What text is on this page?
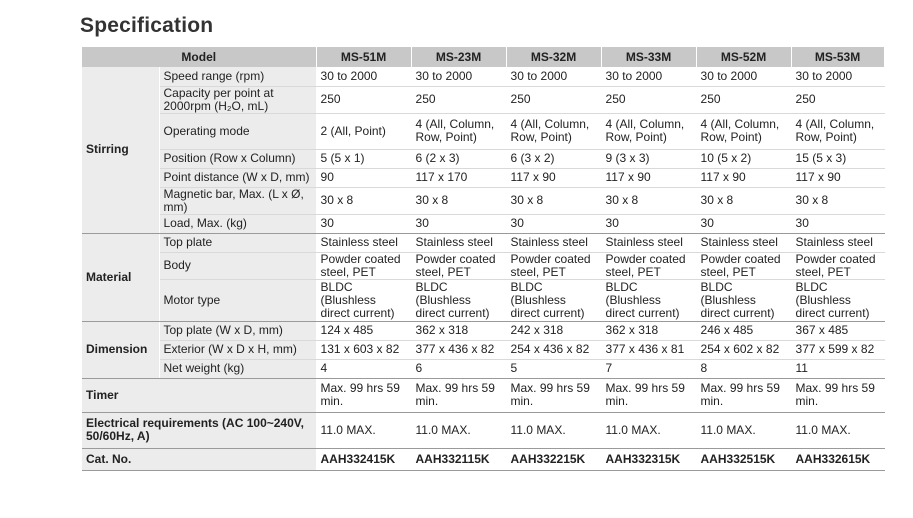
Specification
Model		MS-51M	MS-23M	MS-32M	MS-33M	MS-52M	MS-53M
Stirring	Speed range (rpm)	30 to 2000	30 to 2000	30 to 2000	30 to 2000	30 to 2000	30 to 2000
	Capacity per point at 2000rpm (H₂O, mL)	250	250	250	250	250	250
	Operating mode	2 (All, Point)	4 (All, Column, Row, Point)	4 (All, Column, Row, Point)	4 (All, Column, Row, Point)	4 (All, Column, Row, Point)	4 (All, Column, Row, Point)
	Position (Row x Column)	5 (5 x 1)	6 (2 x 3)	6 (3 x 2)	9 (3 x 3)	10 (5 x 2)	15 (5 x 3)
	Point distance (W x D, mm)	90	117 x 170	117 x 90	117 x 90	117 x 90	117 x 90
	Magnetic bar, Max. (L x Ø, mm)	30 x 8	30 x 8	30 x 8	30 x 8	30 x 8	30 x 8
	Load, Max. (kg)	30	30	30	30	30	30
Material	Top plate	Stainless steel	Stainless steel	Stainless steel	Stainless steel	Stainless steel	Stainless steel
	Body	Powder coated steel, PET	Powder coated steel, PET	Powder coated steel, PET	Powder coated steel, PET	Powder coated steel, PET	Powder coated steel, PET
	Motor type	BLDC (Blushless direct current)	BLDC (Blushless direct current)	BLDC (Blushless direct current)	BLDC (Blushless direct current)	BLDC (Blushless direct current)	BLDC (Blushless direct current)
Dimension	Top plate (W x D, mm)	124 x 485	362 x 318	242 x 318	362 x 318	246 x 485	367 x 485
	Exterior (W x D x H, mm)	131 x 603 x 82	377 x 436 x 82	254 x 436 x 82	377 x 436 x 81	254 x 602 x 82	377 x 599 x 82
	Net weight (kg)	4	6	5	7	8	11
Timer		Max. 99 hrs 59 min.	Max. 99 hrs 59 min.	Max. 99 hrs 59 min.	Max. 99 hrs 59 min.	Max. 99 hrs 59 min.	Max. 99 hrs 59 min.
Electrical requirements (AC 100~240V, 50/60Hz, A)		11.0 MAX.	11.0 MAX.	11.0 MAX.	11.0 MAX.	11.0 MAX.	11.0 MAX.
Cat. No.		AAH332415K	AAH332115K	AAH332215K	AAH332315K	AAH332515K	AAH332615K
